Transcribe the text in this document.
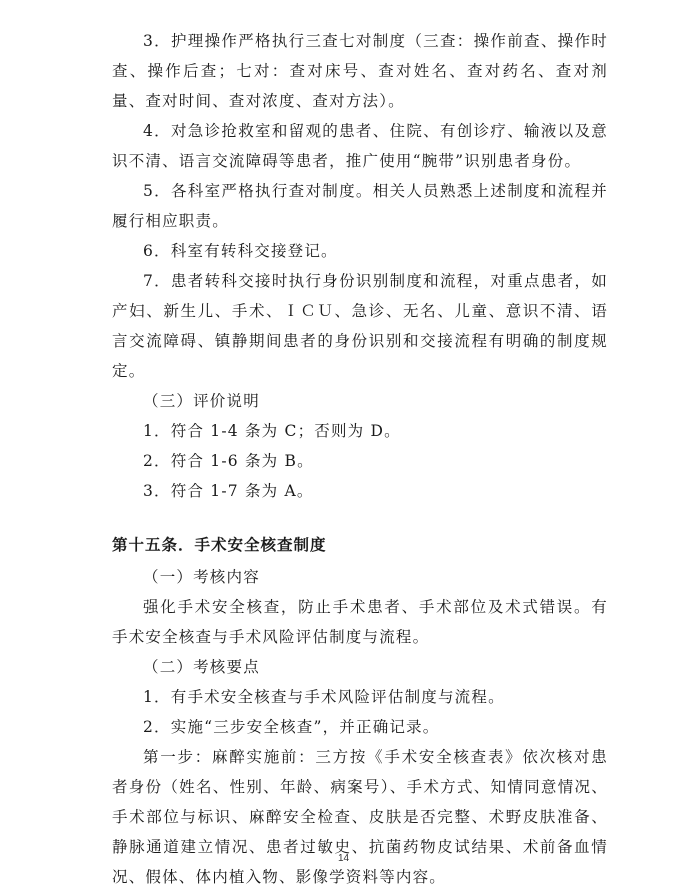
3．护理操作严格执行三查七对制度（三查：操作前查、操作时查、操作后查；七对：查对床号、查对姓名、查对药名、查对剂量、查对时间、查对浓度、查对方法）。

4．对急诊抢救室和留观的患者、住院、有创诊疗、输液以及意识不清、语言交流障碍等患者，推广使用“腕带”识别患者身份。

5．各科室严格执行查对制度。相关人员熟悉上述制度和流程并履行相应职责。

6．科室有转科交接登记。

7．患者转科交接时执行身份识别制度和流程，对重点患者，如产妇、新生儿、手术、ＩＣＵ、急诊、无名、儿童、意识不清、语言交流障碍、镇静期间患者的身份识别和交接流程有明确的制度规定。

（三）评价说明

1．符合 1-4 条为 C；否则为 D。

2．符合 1-6 条为 B。

3．符合 1-7 条为 A。

第十五条．手术安全核查制度

（一）考核内容

强化手术安全核查，防止手术患者、手术部位及术式错误。有手术安全核查与手术风险评估制度与流程。

（二）考核要点

1．有手术安全核查与手术风险评估制度与流程。

2．实施“三步安全核查”，并正确记录。

第一步：麻醉实施前：三方按《手术安全核查表》依次核对患者身份（姓名、性别、年龄、病案号）、手术方式、知情同意情况、手术部位与标识、麻醉安全检查、皮肤是否完整、术野皮肤准备、静脉通道建立情况、患者过敏史、抗菌药物皮试结果、术前备血情况、假体、体内植入物、影像学资料等内容。

14
